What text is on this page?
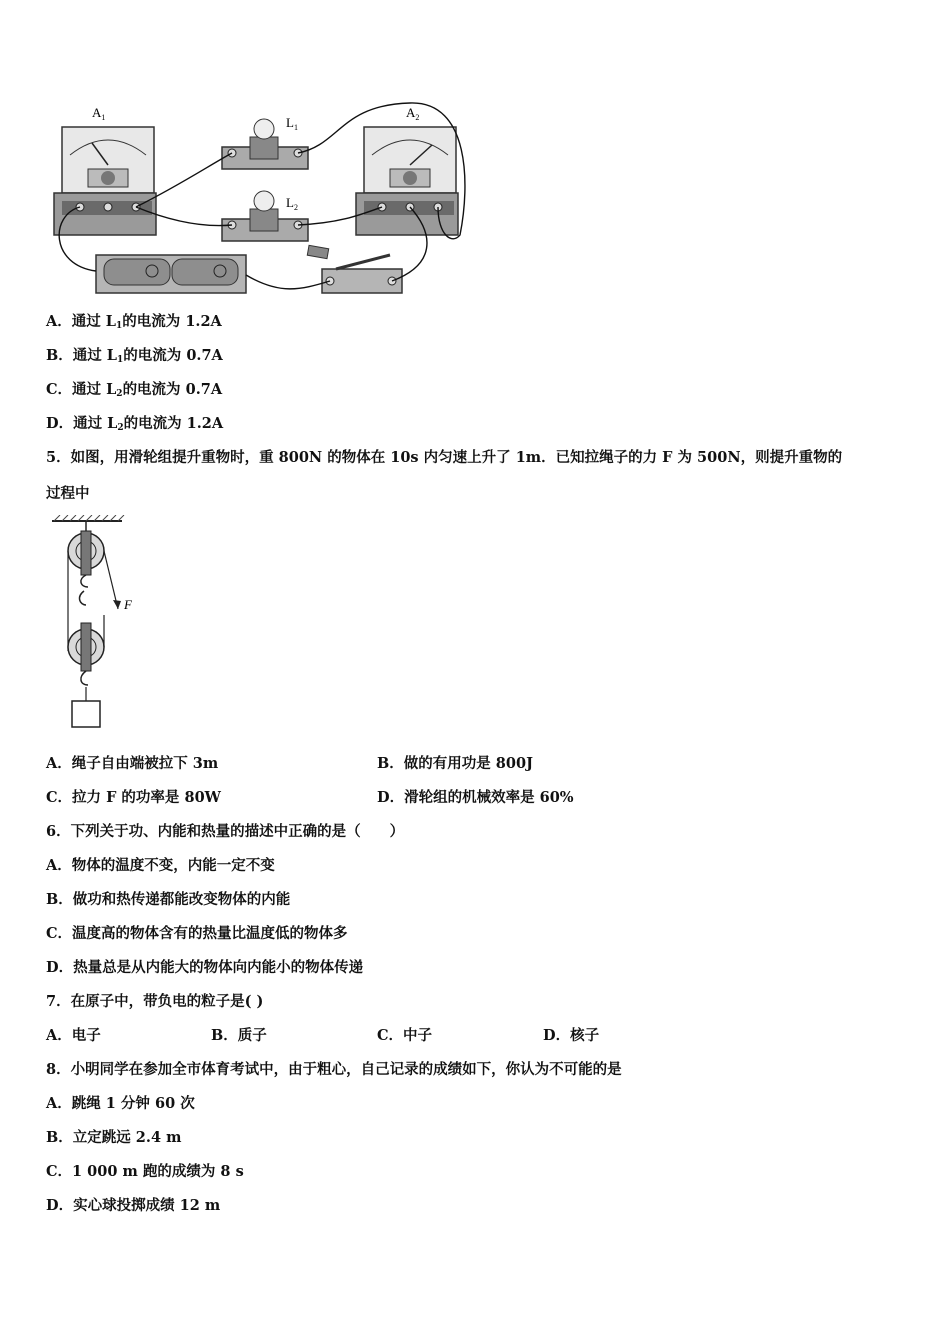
$A_1$	$A_2$
$L_1$
$L_2$
A．通过 $L_1$的电流为 1.2A
B．通过 $L_1$的电流为 0.7A
C．通过 $L_2$的电流为 0.7A
D．通过 $L_2$的电流为 1.2A
5．如图，用滑轮组提升重物时，重 800N 的物体在 10s 内匀速上升了 1m．已知拉绳子的力 F 为 500N，则提升重物的
过程中
F
A．绳子自由端被拉下 3m	B．做的有用功是 800J
C．拉力 F 的功率是 80W	D．滑轮组的机械效率是 60%
6．下列关于功、内能和热量的描述中正确的是（　　）
A．物体的温度不变，内能一定不变
B．做功和热传递都能改变物体的内能
C．温度高的物体含有的热量比温度低的物体多
D．热量总是从内能大的物体向内能小的物体传递
7．在原子中，带负电的粒子是( )
A．电子	B．质子	C．中子	D．核子
8．小明同学在参加全市体育考试中，由于粗心，自己记录的成绩如下，你认为不可能的是
A．跳绳 1 分钟 60 次
B．立定跳远 2.4 m
C．1 000 m 跑的成绩为 8 s
D．实心球投掷成绩 12 m
